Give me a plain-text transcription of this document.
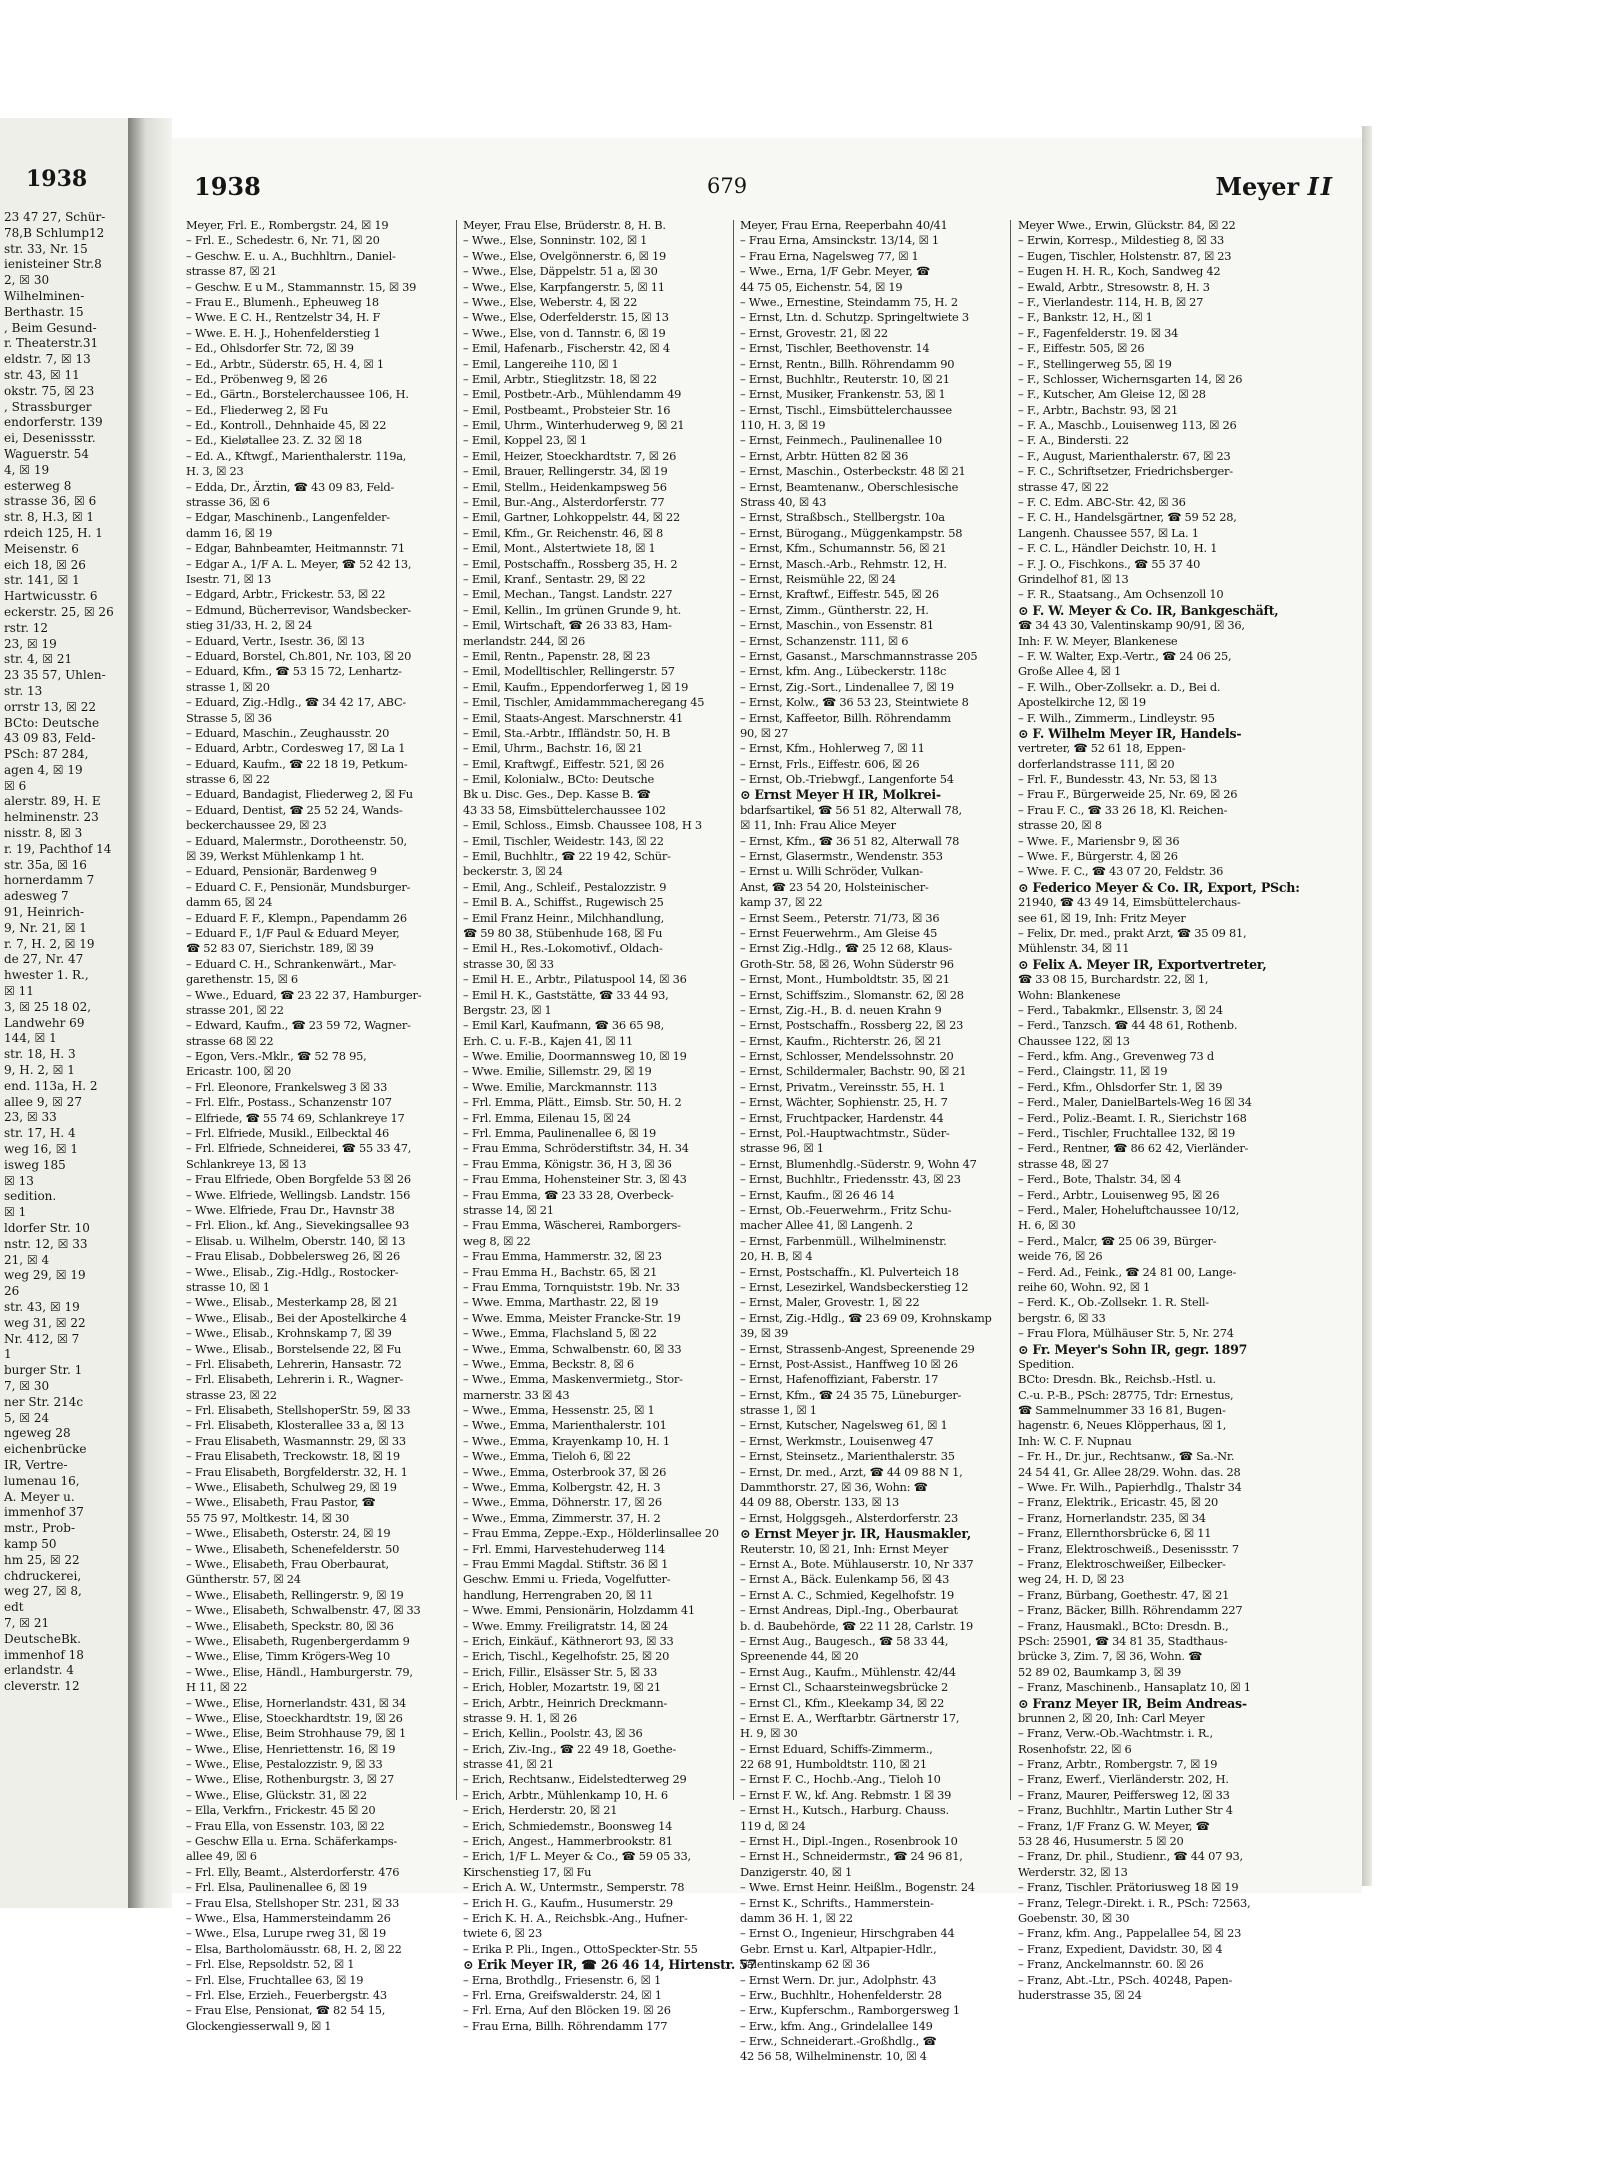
1938
23 47 27, Schür-
78,B Schlump12
str. 33, Nr. 15
ienisteiner Str.8
2, ☒ 30
Wilhelminen-
Berthastr. 15
, Beim Gesund-
r. Theaterstr.31
eldstr. 7, ☒ 13
str. 43, ☒ 11
okstr. 75, ☒ 23
, Strassburger
endorferstr. 139
ei, Desenissstr.
Waguerstr. 54
4, ☒ 19
esterweg 8
strasse 36, ☒ 6
str. 8, H.3, ☒ 1
rdeich 125, H. 1
Meisenstr. 6
eich 18, ☒ 26
str. 141, ☒ 1
Hartwicusstr. 6
eckerstr. 25, ☒ 26
rstr. 12
23, ☒ 19
str. 4, ☒ 21
23 35 57, Uhlen-
str. 13
orrstr 13, ☒ 22
BCto: Deutsche
43 09 83, Feld-
PSch: 87 284,
agen 4, ☒ 19
☒ 6
alerstr. 89, H. E
helminenstr. 23
nisstr. 8, ☒ 3
r. 19, Pachthof 14
str. 35a, ☒ 16
hornerdamm 7
adesweg 7
91, Heinrich-
9, Nr. 21, ☒ 1
r. 7, H. 2, ☒ 19
de 27, Nr. 47
hwester 1. R.,
☒ 11
3, ☒ 25 18 02,
Landwehr 69
144, ☒ 1
str. 18, H. 3
9, H. 2, ☒ 1
end. 113a, H. 2
allee 9, ☒ 27
23, ☒ 33
str. 17, H. 4
weg 16, ☒ 1
isweg 185
☒ 13
sedition.
☒ 1
ldorfer Str. 10
nstr. 12, ☒ 33
21, ☒ 4
weg 29, ☒ 19
26
str. 43, ☒ 19
weg 31, ☒ 22
Nr. 412, ☒ 7
1
burger Str. 1
7, ☒ 30
ner Str. 214c
5, ☒ 24
ngeweg 28
eichenbrücke
IR, Vertre-
lumenau 16,
A. Meyer u.
immenhof 37
mstr., Prob-
kamp 50
hm 25, ☒ 22
chdruckerei,
weg 27, ☒ 8,
edt
7, ☒ 21
DeutscheBk.
immenhof 18
erlandstr. 4
cleverstr. 12
1938	679	Meyer II
Meyer, Frl. E., Rombergstr. 24, ☒ 19
– Frl. E., Schedestr. 6, Nr. 71, ☒ 20
– Geschw. E. u. A., Buchhltrn., Daniel-
strasse 87, ☒ 21
– Geschw. E u M., Stammannstr. 15, ☒ 39
– Frau E., Blumenh., Epheuweg 18
– Wwe. E C. H., Rentzelstr 34, H. F
– Wwe. E. H. J., Hohenfelderstieg 1
– Ed., Ohlsdorfer Str. 72, ☒ 39
– Ed., Arbtr., Süderstr. 65, H. 4, ☒ 1
– Ed., Pröbenweg 9, ☒ 26
– Ed., Gärtn., Borstelerchaussee 106, H.
– Ed., Fliederweg 2, ☒ Fu
– Ed., Kontroll., Dehnhaide 45, ☒ 22
– Ed., Kieløtallee 23. Z. 32 ☒ 18
– Ed. A., Kftwgf., Marienthalerstr. 119a,
H. 3, ☒ 23
– Edda, Dr., Ärztin, ☎ 43 09 83, Feld-
strasse 36, ☒ 6
– Edgar, Maschinenb., Langenfelder-
damm 16, ☒ 19
– Edgar, Bahnbeamter, Heitmannstr. 71
– Edgar A., 1/F A. L. Meyer, ☎ 52 42 13,
Isestr. 71, ☒ 13
– Edgard, Arbtr., Frickestr. 53, ☒ 22
– Edmund, Bücherrevisor, Wandsbecker-
stieg 31/33, H. 2, ☒ 24
– Eduard, Vertr., Isestr. 36, ☒ 13
– Eduard, Borstel, Ch.801, Nr. 103, ☒ 20
– Eduard, Kfm., ☎ 53 15 72, Lenhartz-
strasse 1, ☒ 20
– Eduard, Zig.-Hdlg., ☎ 34 42 17, ABC-
Strasse 5, ☒ 36
– Eduard, Maschin., Zeughausstr. 20
– Eduard, Arbtr., Cordesweg 17, ☒ La 1
– Eduard, Kaufm., ☎ 22 18 19, Petkum-
strasse 6, ☒ 22
– Eduard, Bandagist, Fliederweg 2, ☒ Fu
– Eduard, Dentist, ☎ 25 52 24, Wands-
beckerchaussee 29, ☒ 23
– Eduard, Malermstr., Dorotheenstr. 50,
☒ 39, Werkst Mühlenkamp 1 ht.
– Eduard, Pensionär, Bardenweg 9
– Eduard C. F., Pensionär, Mundsburger-
damm 65, ☒ 24
– Eduard F. F., Klempn., Papendamm 26
– Eduard F., 1/F Paul & Eduard Meyer,
☎ 52 83 07, Sierichstr. 189, ☒ 39
– Eduard C. H., Schrankenwärt., Mar-
garethenstr. 15, ☒ 6
– Wwe., Eduard, ☎ 23 22 37, Hamburger-
strasse 201, ☒ 22
– Edward, Kaufm., ☎ 23 59 72, Wagner-
strasse 68 ☒ 22
– Egon, Vers.-Mklr., ☎ 52 78 95,
Ericastr. 100, ☒ 20
– Frl. Eleonore, Frankelsweg 3 ☒ 33
– Frl. Elfr., Postass., Schanzenstr 107
– Elfriede, ☎ 55 74 69, Schlankreye 17
– Frl. Elfriede, Musikl., Eilbecktal 46
– Frl. Elfriede, Schneiderei, ☎ 55 33 47,
Schlankreye 13, ☒ 13
– Frau Elfriede, Oben Borgfelde 53 ☒ 26
– Wwe. Elfriede, Wellingsb. Landstr. 156
– Wwe. Elfriede, Frau Dr., Havnstr 38
– Frl. Elion., kf. Ang., Sievekingsallee 93
– Elisab. u. Wilhelm, Oberstr. 140, ☒ 13
– Frau Elisab., Dobbelersweg 26, ☒ 26
– Wwe., Elisab., Zig.-Hdlg., Rostocker-
strasse 10, ☒ 1
– Wwe., Elisab., Mesterkamp 28, ☒ 21
– Wwe., Elisab., Bei der Apostelkirche 4
– Wwe., Elisab., Krohnskamp 7, ☒ 39
– Wwe., Elisab., Borstelsende 22, ☒ Fu
– Frl. Elisabeth, Lehrerin, Hansastr. 72
– Frl. Elisabeth, Lehrerin i. R., Wagner-
strasse 23, ☒ 22
– Frl. Elisabeth, StellshoperStr. 59, ☒ 33
– Frl. Elisabeth, Klosterallee 33 a, ☒ 13
– Frau Elisabeth, Wasmannstr. 29, ☒ 33
– Frau Elisabeth, Treckowstr. 18, ☒ 19
– Frau Elisabeth, Borgfelderstr. 32, H. 1
– Wwe., Elisabeth, Schulweg 29, ☒ 19
– Wwe., Elisabeth, Frau Pastor, ☎
55 75 97, Moltkestr. 14, ☒ 30
– Wwe., Elisabeth, Osterstr. 24, ☒ 19
– Wwe., Elisabeth, Schenefelderstr. 50
– Wwe., Elisabeth, Frau Oberbaurat,
Güntherstr. 57, ☒ 24
– Wwe., Elisabeth, Rellingerstr. 9, ☒ 19
– Wwe., Elisabeth, Schwalbenstr. 47, ☒ 33
– Wwe., Elisabeth, Speckstr. 80, ☒ 36
– Wwe., Elisabeth, Rugenbergerdamm 9
– Wwe., Elise, Timm Krögers-Weg 10
– Wwe., Elise, Händl., Hamburgerstr. 79,
H 11, ☒ 22
– Wwe., Elise, Hornerlandstr. 431, ☒ 34
– Wwe., Elise, Stoeckhardtstr. 19, ☒ 26
– Wwe., Elise, Beim Strohhause 79, ☒ 1
– Wwe., Elise, Henriettenstr. 16, ☒ 19
– Wwe., Elise, Pestalozzistr. 9, ☒ 33
– Wwe., Elise, Rothenburgstr. 3, ☒ 27
– Wwe., Elise, Glückstr. 31, ☒ 22
– Ella, Verkfrn., Frickestr. 45 ☒ 20
– Frau Ella, von Essenstr. 103, ☒ 22
– Geschw Ella u. Erna. Schäferkamps-
allee 49, ☒ 6
– Frl. Elly, Beamt., Alsterdorferstr. 476
– Frl. Elsa, Paulinenallee 6, ☒ 19
– Frau Elsa, Stellshoper Str. 231, ☒ 33
– Wwe., Elsa, Hammersteindamm 26
– Wwe., Elsa, Lurupe rweg 31, ☒ 19
– Elsa, Bartholomäusstr. 68, H. 2, ☒ 22
– Frl. Else, Repsoldstr. 52, ☒ 1
– Frl. Else, Fruchtallee 63, ☒ 19
– Frl. Else, Erzieh., Feuerbergstr. 43
– Frau Else, Pensionat, ☎ 82 54 15,
Glockengiesserwall 9, ☒ 1
Meyer, Frau Else, Brüderstr. 8, H. B.
– Wwe., Else, Sonninstr. 102, ☒ 1
– Wwe., Else, Ovelgönnerstr. 6, ☒ 19
– Wwe., Else, Däppelstr. 51 a, ☒ 30
– Wwe., Else, Karpfangerstr. 5, ☒ 11
– Wwe., Else, Weberstr. 4, ☒ 22
– Wwe., Else, Oderfelderstr. 15, ☒ 13
– Wwe., Else, von d. Tannstr. 6, ☒ 19
– Emil, Hafenarb., Fischerstr. 42, ☒ 4
– Emil, Langereihe 110, ☒ 1
– Emil, Arbtr., Stieglitzstr. 18, ☒ 22
– Emil, Postbetr.-Arb., Mühlendamm 49
– Emil, Postbeamt., Probsteier Str. 16
– Emil, Uhrm., Winterhuderweg 9, ☒ 21
– Emil, Koppel 23, ☒ 1
– Emil, Heizer, Stoeckhardtstr. 7, ☒ 26
– Emil, Brauer, Rellingerstr. 34, ☒ 19
– Emil, Stellm., Heidenkampsweg 56
– Emil, Bur.-Ang., Alsterdorferstr. 77
– Emil, Gartner, Lohkoppelstr. 44, ☒ 22
– Emil, Kfm., Gr. Reichenstr. 46, ☒ 8
– Emil, Mont., Alstertwiete 18, ☒ 1
– Emil, Postschaffn., Rossberg 35, H. 2
– Emil, Kranf., Sentastr. 29, ☒ 22
– Emil, Mechan., Tangst. Landstr. 227
– Emil, Kellin., Im grünen Grunde 9, ht.
– Emil, Wirtschaft, ☎ 26 33 83, Ham-
merlandstr. 244, ☒ 26
– Emil, Rentn., Papenstr. 28, ☒ 23
– Emil, Modelltischler, Rellingerstr. 57
– Emil, Kaufm., Eppendorferweg 1, ☒ 19
– Emil, Tischler, Amidammmacheregang 45
– Emil, Staats-Angest. Marschnerstr. 41
– Emil, Sta.-Arbtr., Iffländstr. 50, H. B
– Emil, Uhrm., Bachstr. 16, ☒ 21
– Emil, Kraftwgf., Eiffestr. 521, ☒ 26
– Emil, Kolonialw., BCto: Deutsche
Bk u. Disc. Ges., Dep. Kasse B. ☎
43 33 58, Eimsbüttelerchaussee 102
– Emil, Schloss., Eimsb. Chaussee 108, H 3
– Emil, Tischler, Weidestr. 143, ☒ 22
– Emil, Buchhltr., ☎ 22 19 42, Schür-
beckerstr. 3, ☒ 24
– Emil, Ang., Schleif., Pestalozzistr. 9
– Emil B. A., Schiffst., Rugewisch 25
– Emil Franz Heinr., Milchhandlung,
☎ 59 80 38, Stübenhude 168, ☒ Fu
– Emil H., Res.-Lokomotivf., Oldach-
strasse 30, ☒ 33
– Emil H. E., Arbtr., Pilatuspool 14, ☒ 36
– Emil H. K., Gaststätte, ☎ 33 44 93,
Bergstr. 23, ☒ 1
– Emil Karl, Kaufmann, ☎ 36 65 98,
Erh. C. u. F.-B., Kajen 41, ☒ 11
– Wwe. Emilie, Doormannsweg 10, ☒ 19
– Wwe. Emilie, Sillemstr. 29, ☒ 19
– Wwe. Emilie, Marckmannstr. 113
– Frl. Emma, Plätt., Eimsb. Str. 50, H. 2
– Frl. Emma, Eilenau 15, ☒ 24
– Frl. Emma, Paulinenallee 6, ☒ 19
– Frau Emma, Schröderstiftstr. 34, H. 34
– Frau Emma, Königstr. 36, H 3, ☒ 36
– Frau Emma, Hohensteiner Str. 3, ☒ 43
– Frau Emma, ☎ 23 33 28, Overbeck-
strasse 14, ☒ 21
– Frau Emma, Wäscherei, Ramborgers-
weg 8, ☒ 22
– Frau Emma, Hammerstr. 32, ☒ 23
– Frau Emma H., Bachstr. 65, ☒ 21
– Frau Emma, Tornquiststr. 19b. Nr. 33
– Wwe. Emma, Marthastr. 22, ☒ 19
– Wwe. Emma, Meister Francke-Str. 19
– Wwe., Emma, Flachsland 5, ☒ 22
– Wwe., Emma, Schwalbenstr. 60, ☒ 33
– Wwe., Emma, Beckstr. 8, ☒ 6
– Wwe., Emma, Maskenvermietg., Stor-
marnerstr. 33 ☒ 43
– Wwe., Emma, Hessenstr. 25, ☒ 1
– Wwe., Emma, Marienthalerstr. 101
– Wwe., Emma, Krayenkamp 10, H. 1
– Wwe., Emma, Tieloh 6, ☒ 22
– Wwe., Emma, Osterbrook 37, ☒ 26
– Wwe., Emma, Kolbergstr. 42, H. 3
– Wwe., Emma, Döhnerstr. 17, ☒ 26
– Wwe., Emma, Zimmerstr. 37, H. 2
– Frau Emma, Zeppe.-Exp., Hölderlinsallee 20
– Frl. Emmi, Harvestehuderweg 114
– Frau Emmi Magdal. Stiftstr. 36 ☒ 1
Geschw. Emmi u. Frieda, Vogelfutter-
handlung, Herrengraben 20, ☒ 11
– Wwe. Emmi, Pensionärin, Holzdamm 41
– Wwe. Emmy. Freiligratstr. 14, ☒ 24
– Erich, Einkäuf., Käthnerort 93, ☒ 33
– Erich, Tischl., Kegelhofstr. 25, ☒ 20
– Erich, Fillir., Elsässer Str. 5, ☒ 33
– Erich, Hobler, Mozartstr. 19, ☒ 21
– Erich, Arbtr., Heinrich Dreckmann-
strasse 9. H. 1, ☒ 26
– Erich, Kellin., Poolstr. 43, ☒ 36
– Erich, Ziv.-Ing., ☎ 22 49 18, Goethe-
strasse 41, ☒ 21
– Erich, Rechtsanw., Eidelstedterweg 29
– Erich, Arbtr., Mühlenkamp 10, H. 6
– Erich, Herderstr. 20, ☒ 21
– Erich, Schmiedemstr., Boonsweg 14
– Erich, Angest., Hammerbrookstr. 81
– Erich, 1/F L. Meyer & Co., ☎ 59 05 33,
Kirschenstieg 17, ☒ Fu
– Erich A. W., Untermstr., Semperstr. 78
– Erich H. G., Kaufm., Husumerstr. 29
– Erich K. H. A., Reichsbk.-Ang., Hufner-
twiete 6, ☒ 23
– Erika P. Pli., Ingen., OttoSpeckter-Str. 55
⊙ Erik Meyer IR, ☎ 26 46 14, Hirtenstr. 57
– Erna, Brothdlg., Friesenstr. 6, ☒ 1
– Frl. Erna, Greifswalderstr. 24, ☒ 1
– Frl. Erna, Auf den Blöcken 19. ☒ 26
– Frau Erna, Billh. Röhrendamm 177
Meyer, Frau Erna, Reeperbahn 40/41
– Frau Erna, Amsinckstr. 13/14, ☒ 1
– Frau Erna, Nagelsweg 77, ☒ 1
– Wwe., Erna, 1/F Gebr. Meyer, ☎
44 75 05, Eichenstr. 54, ☒ 19
– Wwe., Ernestine, Steindamm 75, H. 2
– Ernst, Ltn. d. Schutzp. Springeltwiete 3
– Ernst, Grovestr. 21, ☒ 22
– Ernst, Tischler, Beethovenstr. 14
– Ernst, Rentn., Billh. Röhrendamm 90
– Ernst, Buchhltr., Reuterstr. 10, ☒ 21
– Ernst, Musiker, Frankenstr. 53, ☒ 1
– Ernst, Tischl., Eimsbüttelerchaussee
110, H. 3, ☒ 19
– Ernst, Feinmech., Paulinenallee 10
– Ernst, Arbtr. Hütten 82 ☒ 36
– Ernst, Maschin., Osterbeckstr. 48 ☒ 21
– Ernst, Beamtenanw., Oberschlesische
Strass 40, ☒ 43
– Ernst, Straßbsch., Stellbergstr. 10a
– Ernst, Bürogang., Müggenkampstr. 58
– Ernst, Kfm., Schumannstr. 56, ☒ 21
– Ernst, Masch.-Arb., Rehmstr. 12, H.
– Ernst, Reismühle 22, ☒ 24
– Ernst, Kraftwf., Eiffestr. 545, ☒ 26
– Ernst, Zimm., Güntherstr. 22, H.
– Ernst, Maschin., von Essenstr. 81
– Ernst, Schanzenstr. 111, ☒ 6
– Ernst, Gasanst., Marschmannstrasse 205
– Ernst, kfm. Ang., Lübeckerstr. 118c
– Ernst, Zig.-Sort., Lindenallee 7, ☒ 19
– Ernst, Kolw., ☎ 36 53 23, Steintwiete 8
– Ernst, Kaffeetor, Billh. Röhrendamm
90, ☒ 27
– Ernst, Kfm., Hohlerweg 7, ☒ 11
– Ernst, Frls., Eiffestr. 606, ☒ 26
– Ernst, Ob.-Triebwgf., Langenforte 54
⊙ Ernst Meyer H IR, Molkrei-
bdarfsartikel, ☎ 56 51 82, Alterwall 78,
☒ 11, Inh: Frau Alice Meyer
– Ernst, Kfm., ☎ 36 51 82, Alterwall 78
– Ernst, Glasermstr., Wendenstr. 353
– Ernst u. Willi Schröder, Vulkan-
Anst, ☎ 23 54 20, Holsteinischer-
kamp 37, ☒ 22
– Ernst Seem., Peterstr. 71/73, ☒ 36
– Ernst Feuerwehrm., Am Gleise 45
– Ernst Zig.-Hdlg., ☎ 25 12 68, Klaus-
Groth-Str. 58, ☒ 26, Wohn Süderstr 96
– Ernst, Mont., Humboldtstr. 35, ☒ 21
– Ernst, Schiffszim., Slomanstr. 62, ☒ 28
– Ernst, Zig.-H., B. d. neuen Krahn 9
– Ernst, Postschaffn., Rossberg 22, ☒ 23
– Ernst, Kaufm., Richterstr. 26, ☒ 21
– Ernst, Schlosser, Mendelssohnstr. 20
– Ernst, Schildermaler, Bachstr. 90, ☒ 21
– Ernst, Privatm., Vereinsstr. 55, H. 1
– Ernst, Wächter, Sophienstr. 25, H. 7
– Ernst, Fruchtpacker, Hardenstr. 44
– Ernst, Pol.-Hauptwachtmstr., Süder-
strasse 96, ☒ 1
– Ernst, Blumenhdlg.-Süderstr. 9, Wohn 47
– Ernst, Buchhltr., Friedensstr. 43, ☒ 23
– Ernst, Kaufm., ☒ 26 46 14
– Ernst, Ob.-Feuerwehrm., Fritz Schu-
macher Allee 41, ☒ Langenh. 2
– Ernst, Farbenmüll., Wilhelminenstr.
20, H. B, ☒ 4
– Ernst, Postschaffn., Kl. Pulverteich 18
– Ernst, Lesezirkel, Wandsbeckerstieg 12
– Ernst, Maler, Grovestr. 1, ☒ 22
– Ernst, Zig.-Hdlg., ☎ 23 69 09, Krohnskamp
39, ☒ 39
– Ernst, Strassenb-Angest, Spreenende 29
– Ernst, Post-Assist., Hanffweg 10 ☒ 26
– Ernst, Hafenoffiziant, Faberstr. 17
– Ernst, Kfm., ☎ 24 35 75, Lüneburger-
strasse 1, ☒ 1
– Ernst, Kutscher, Nagelsweg 61, ☒ 1
– Ernst, Werkmstr., Louisenweg 47
– Ernst, Steinsetz., Marienthalerstr. 35
– Ernst, Dr. med., Arzt, ☎ 44 09 88 N 1,
Dammthorstr. 27, ☒ 36, Wohn: ☎
44 09 88, Oberstr. 133, ☒ 13
– Ernst, Holggsgeh., Alsterdorferstr. 23
⊙ Ernst Meyer jr. IR, Hausmakler,
Reuterstr. 10, ☒ 21, Inh: Ernst Meyer
– Ernst A., Bote. Mühlauserstr. 10, Nr 337
– Ernst A., Bäck. Eulenkamp 56, ☒ 43
– Ernst A. C., Schmied, Kegelhofstr. 19
– Ernst Andreas, Dipl.-Ing., Oberbaurat
b. d. Baubehörde, ☎ 22 11 28, Carlstr. 19
– Ernst Aug., Baugesch., ☎ 58 33 44,
Spreenende 44, ☒ 20
– Ernst Aug., Kaufm., Mühlenstr. 42/44
– Ernst Cl., Schaarsteinwegsbrücke 2
– Ernst Cl., Kfm., Kleekamp 34, ☒ 22
– Ernst E. A., Werftarbtr. Gärtnerstr 17,
H. 9, ☒ 30
– Ernst Eduard, Schiffs-Zimmerm.,
22 68 91, Humboldtstr. 110, ☒ 21
– Ernst F. C., Hochb.-Ang., Tieloh 10
– Ernst F. W., kf. Ang. Rebmstr. 1 ☒ 39
– Ernst H., Kutsch., Harburg. Chauss.
119 d, ☒ 24
– Ernst H., Dipl.-Ingen., Rosenbrook 10
– Ernst H., Schneidermstr., ☎ 24 96 81,
Danzigerstr. 40, ☒ 1
– Wwe. Ernst Heinr. Heißlm., Bogenstr. 24
– Ernst K., Schrifts., Hammerstein-
damm 36 H. 1, ☒ 22
– Ernst O., Ingenieur, Hirschgraben 44
Gebr. Ernst u. Karl, Altpapier-Hdlr.,
Valentinskamp 62 ☒ 36
– Ernst Wern. Dr. jur., Adolphstr. 43
– Erw., Buchhltr., Hohenfelderstr. 28
– Erw., Kupferschm., Ramborgersweg 1
– Erw., kfm. Ang., Grindelallee 149
– Erw., Schneiderart.-Großhdlg., ☎
42 56 58, Wilhelminenstr. 10, ☒ 4
Meyer Wwe., Erwin, Glückstr. 84, ☒ 22
– Erwin, Korresp., Mildestieg 8, ☒ 33
– Eugen, Tischler, Holstenstr. 87, ☒ 23
– Eugen H. H. R., Koch, Sandweg 42
– Ewald, Arbtr., Stresowstr. 8, H. 3
– F., Vierlandestr. 114, H. B, ☒ 27
– F., Bankstr. 12, H., ☒ 1
– F., Fagenfelderstr. 19. ☒ 34
– F., Eiffestr. 505, ☒ 26
– F., Stellingerweg 55, ☒ 19
– F., Schlosser, Wichernsgarten 14, ☒ 26
– F., Kutscher, Am Gleise 12, ☒ 28
– F., Arbtr., Bachstr. 93, ☒ 21
– F. A., Maschb., Louisenweg 113, ☒ 26
– F. A., Bindersti. 22
– F., August, Marienthalerstr. 67, ☒ 23
– F. C., Schriftsetzer, Friedrichsberger-
strasse 47, ☒ 22
– F. C. Edm. ABC-Str. 42, ☒ 36
– F. C. H., Handelsgärtner, ☎ 59 52 28,
Langenh. Chaussee 557, ☒ La. 1
– F. C. L., Händler Deichstr. 10, H. 1
– F. J. O., Fischkons., ☎ 55 37 40
Grindelhof 81, ☒ 13
– F. R., Staatsang., Am Ochsenzoll 10
⊙ F. W. Meyer & Co. IR, Bankgeschäft,
☎ 34 43 30, Valentinskamp 90/91, ☒ 36,
Inh: F. W. Meyer, Blankenese
– F. W. Walter, Exp.-Vertr., ☎ 24 06 25,
Große Allee 4, ☒ 1
– F. Wilh., Ober-Zollsekr. a. D., Bei d.
Apostelkirche 12, ☒ 19
– F. Wilh., Zimmerm., Lindleystr. 95
⊙ F. Wilhelm Meyer IR, Handels-
vertreter, ☎ 52 61 18, Eppen-
dorferlandstrasse 111, ☒ 20
– Frl. F., Bundesstr. 43, Nr. 53, ☒ 13
– Frau F., Bürgerweide 25, Nr. 69, ☒ 26
– Frau F. C., ☎ 33 26 18, Kl. Reichen-
strasse 20, ☒ 8
– Wwe. F., Mariensbr 9, ☒ 36
– Wwe. F., Bürgerstr. 4, ☒ 26
– Wwe. F. C., ☎ 43 07 20, Feldstr. 36
⊙ Federico Meyer & Co. IR, Export, PSch:
21940, ☎ 43 49 14, Eimsbüttelerchaus-
see 61, ☒ 19, Inh: Fritz Meyer
– Felix, Dr. med., prakt Arzt, ☎ 35 09 81,
Mühlenstr. 34, ☒ 11
⊙ Felix A. Meyer IR, Exportvertreter,
☎ 33 08 15, Burchardstr. 22, ☒ 1,
Wohn: Blankenese
– Ferd., Tabakmkr., Ellsenstr. 3, ☒ 24
– Ferd., Tanzsch. ☎ 44 48 61, Rothenb.
Chaussee 122, ☒ 13
– Ferd., kfm. Ang., Grevenweg 73 d
– Ferd., Claingstr. 11, ☒ 19
– Ferd., Kfm., Ohlsdorfer Str. 1, ☒ 39
– Ferd., Maler, DanielBartels-Weg 16 ☒ 34
– Ferd., Poliz.-Beamt. I. R., Sierichstr 168
– Ferd., Tischler, Fruchtallee 132, ☒ 19
– Ferd., Rentner, ☎ 86 62 42, Vierländer-
strasse 48, ☒ 27
– Ferd., Bote, Thalstr. 34, ☒ 4
– Ferd., Arbtr., Louisenweg 95, ☒ 26
– Ferd., Maler, Hoheluftchaussee 10/12,
H. 6, ☒ 30
– Ferd., Malcr, ☎ 25 06 39, Bürger-
weide 76, ☒ 26
– Ferd. Ad., Feink., ☎ 24 81 00, Lange-
reihe 60, Wohn. 92, ☒ 1
– Ferd. K., Ob.-Zollsekr. 1. R. Stell-
bergstr. 6, ☒ 33
– Frau Flora, Mülhäuser Str. 5, Nr. 274
⊙ Fr. Meyer's Sohn IR, gegr. 1897
Spedition.
BCto: Dresdn. Bk., Reichsb.-Hstl. u.
C.-u. P.-B., PSch: 28775, Tdr: Ernestus,
☎ Sammelnummer 33 16 81, Bugen-
hagenstr. 6, Neues Klöpperhaus, ☒ 1,
Inh: W. C. F. Nupnau
– Fr. H., Dr. jur., Rechtsanw., ☎ Sa.-Nr.
24 54 41, Gr. Allee 28/29. Wohn. das. 28
– Wwe. Fr. Wilh., Papierhdlg., Thalstr 34
– Franz, Elektrik., Ericastr. 45, ☒ 20
– Franz, Hornerlandstr. 235, ☒ 34
– Franz, Ellernthorsbrücke 6, ☒ 11
– Franz, Elektroschweiß., Desenissstr. 7
– Franz, Elektroschweißer, Eilbecker-
weg 24, H. D, ☒ 23
– Franz, Bürbang, Goethestr. 47, ☒ 21
– Franz, Bäcker, Billh. Röhrendamm 227
– Franz, Hausmakl., BCto: Dresdn. B.,
PSch: 25901, ☎ 34 81 35, Stadthaus-
brücke 3, Zim. 7, ☒ 36, Wohn. ☎
52 89 02, Baumkamp 3, ☒ 39
– Franz, Maschinenb., Hansaplatz 10, ☒ 1
⊙ Franz Meyer IR, Beim Andreas-
brunnen 2, ☒ 20, Inh: Carl Meyer
– Franz, Verw.-Ob.-Wachtmstr. i. R.,
Rosenhofstr. 22, ☒ 6
– Franz, Arbtr., Rombergstr. 7, ☒ 19
– Franz, Ewerf., Vierländerstr. 202, H.
– Franz, Maurer, Peiffersweg 12, ☒ 33
– Franz, Buchhltr., Martin Luther Str 4
– Franz, 1/F Franz G. W. Meyer, ☎
53 28 46, Husumerstr. 5 ☒ 20
– Franz, Dr. phil., Studienr., ☎ 44 07 93,
Werderstr. 32, ☒ 13
– Franz, Tischler. Prätoriusweg 18 ☒ 19
– Franz, Telegr.-Direkt. i. R., PSch: 72563,
Goebenstr. 30, ☒ 30
– Franz, kfm. Ang., Pappelallee 54, ☒ 23
– Franz, Expedient, Davidstr. 30, ☒ 4
– Franz, Anckelmannstr. 60. ☒ 26
– Franz, Abt.-Ltr., PSch. 40248, Papen-
huderstrasse 35, ☒ 24
